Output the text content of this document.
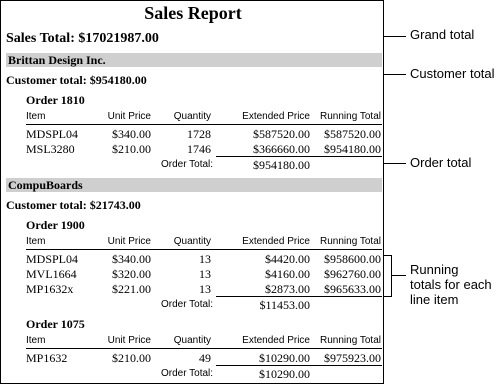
Sales Report
Sales Total: $17021987.00
Brittan Design Inc.
Customer total: $954180.00
Order 1810
Item	Unit Price	Quantity	Extended Price	Running Total
MDSPL04	$340.00	1728	$587520.00	$587520.00
MSL3280	$210.00	1746	$366660.00	$954180.00
Order Total:	$954180.00
CompuBoards
Customer total: $21743.00
Order 1900
Item	Unit Price	Quantity	Extended Price	Running Total
MDSPL04	$340.00	13	$4420.00	$958600.00
MVL1664	$320.00	13	$4160.00	$962760.00
MP1632x	$221.00	13	$2873.00	$965633.00
Order Total:	$11453.00
Order 1075
Item	Unit Price	Quantity	Extended Price	Running Total
MP1632	$210.00	49	$10290.00	$975923.00
Order Total:	$10290.00
Grand total
Customer total
Order total
Running
totals for each
line item
